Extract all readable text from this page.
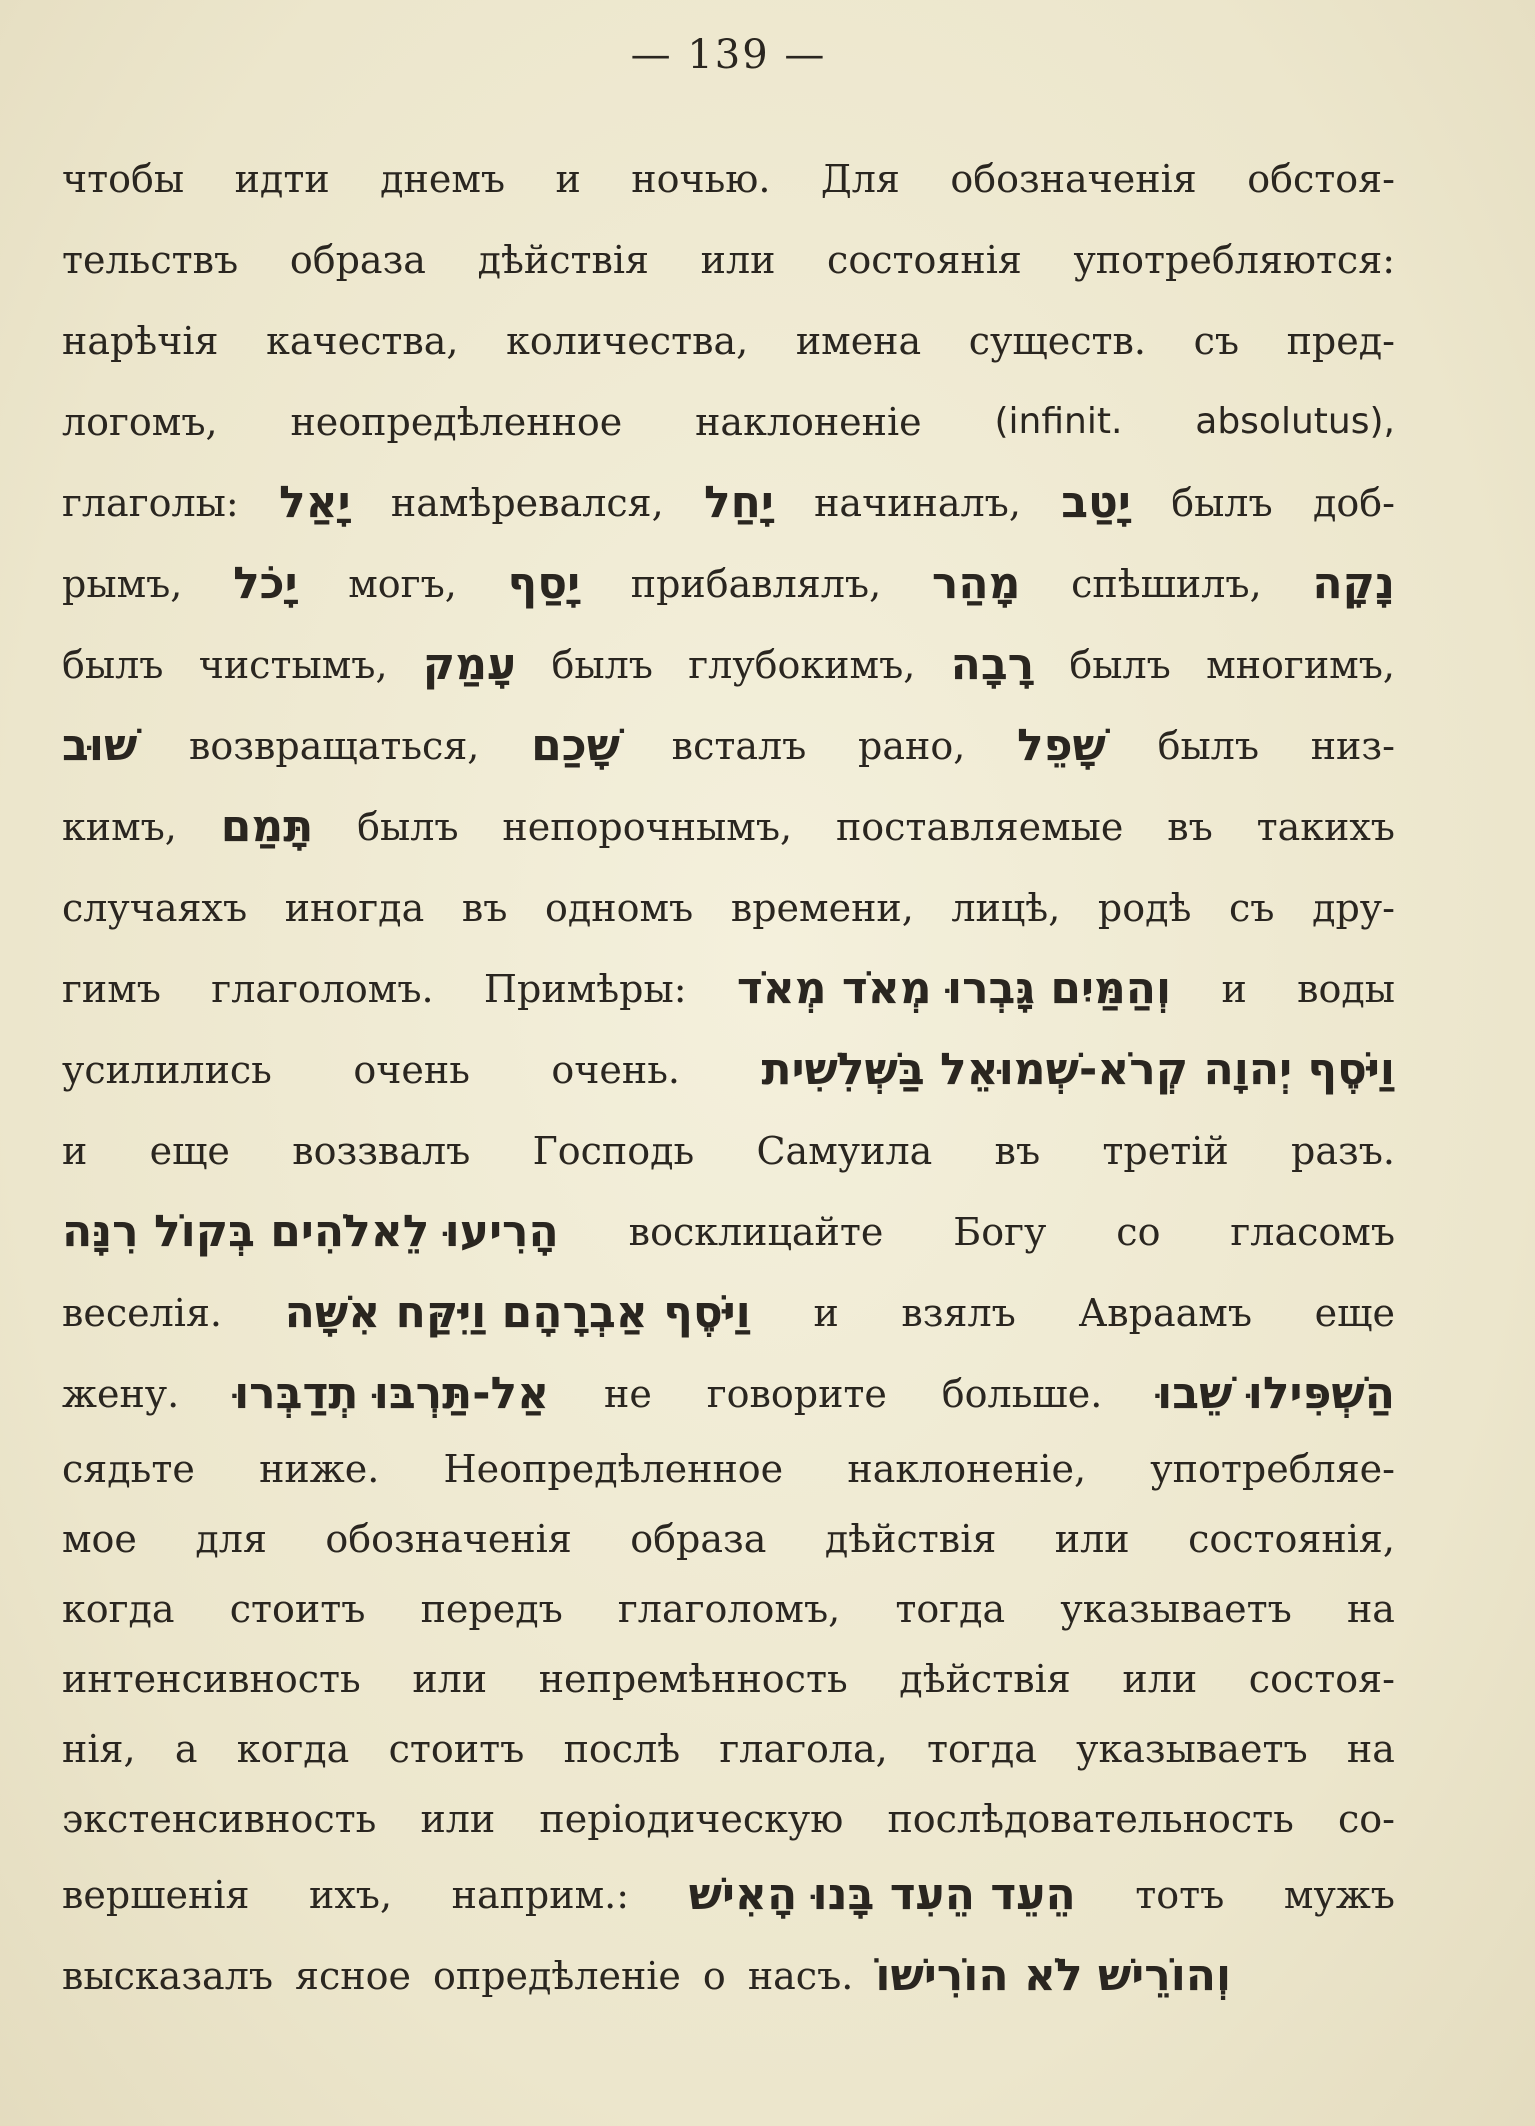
— 139 —
чтобы идти днемъ и ночью. Для обозначенія обстоя-
тельствъ образа дѣйствія или состоянія употребляются:
нарѣчія качества, количества, имена существ. съ пред-
логомъ, неопредѣленное наклоненіе (infinit. absolutus),
глаголы: יָאַל намѣревался, יָחַל начиналъ, יָטַב былъ доб-
рымъ, יָכֹל могъ, יָסַף прибавлялъ, מָהַר спѣшилъ, נָקָה
былъ чистымъ, עָמַק былъ глубокимъ, רָבָה былъ многимъ,
שׁוּב возвращаться, שָׁכַם всталъ рано, שָׁפֵל былъ низ-
кимъ, תָּמַם былъ непорочнымъ, поставляемые въ такихъ
случаяхъ иногда въ одномъ времени, лицѣ, родѣ съ дру-
гимъ глаголомъ. Примѣры: וְהַמַּיִם גָּבְרוּ מְאֹד מְאֹד и воды
усилились очень очень. וַיֹּסֶף יְהוָה קְרֹא-שְׁמוּאֵל בַּשְּׁלִשִׁית
и еще воззвалъ Господь Самуила въ третій разъ.
הָרִיעוּ לֵאלֹהִים בְּקוֹל רִנָּה восклицайте Богу со гласомъ
веселія. וַיֹּסֶף אַבְרָהָם וַיִּקַּח אִשָּׁה и взялъ Авраамъ еще
жену. אַל-תַּרְבּוּ תְדַבְּרוּ не говорите больше. הַשְׁפִּילוּ שֵׁבוּ
сядьте ниже. Неопредѣленное наклоненіе, употребляе-
мое для обозначенія образа дѣйствія или состоянія,
когда стоитъ передъ глаголомъ, тогда указываетъ на
интенсивность или непремѣнность дѣйствія или состоя-
нія, а когда стоитъ послѣ глагола, тогда указываетъ на
экстенсивность или періодическую послѣдовательность со-
вершенія ихъ, наприм.: הֵעֵד הֵעִד בָּנוּ הָאִישׁ тотъ мужъ
высказалъ ясное опредѣленіе о насъ. וְהוֹרֵישׁ לֹא הוֹרִישׁוֹ
